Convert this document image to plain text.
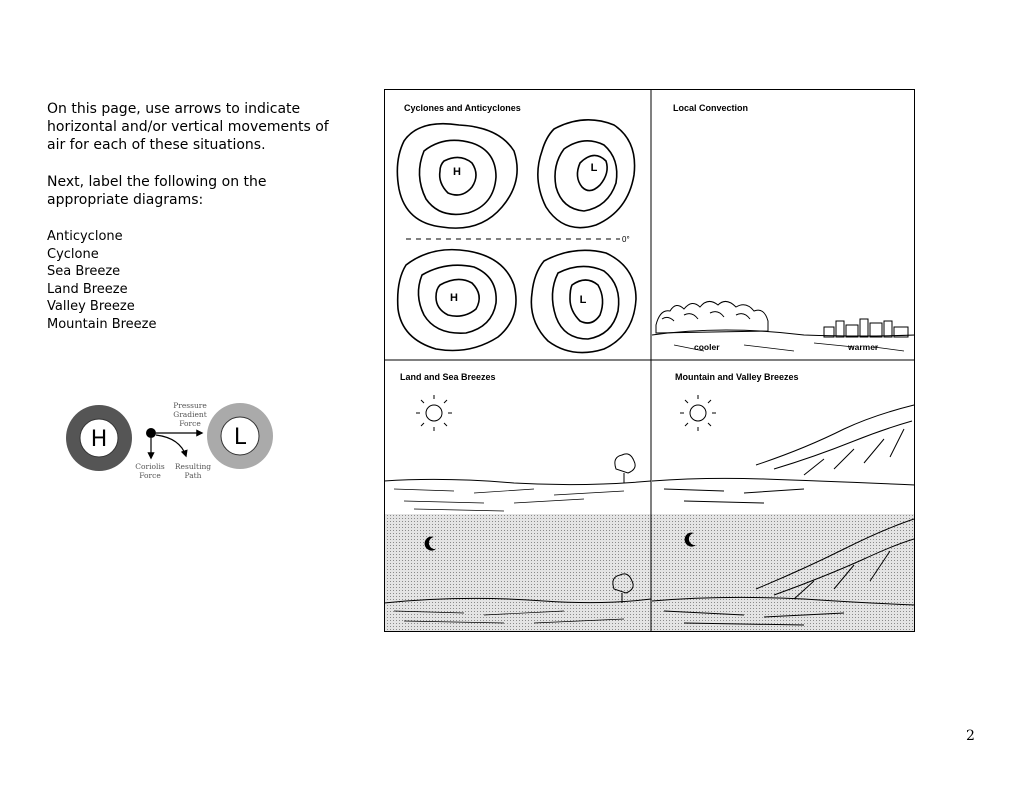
On this page, use arrows to indicate horizontal and/or vertical movements of air for each of these situations.

Next, label the following on the appropriate diagrams:

Anticyclone
Cyclone
Sea Breeze
Land Breeze
Valley Breeze
Mountain Breeze
H	L
Pressure
Gradient
Force
Coriolis
Force
Resulting
Path
Cyclones and Anticyclones
H	L
0°
H	L
Local Convection
cooler	warmer
Land and Sea Breezes	Mountain and Valley Breezes
2
